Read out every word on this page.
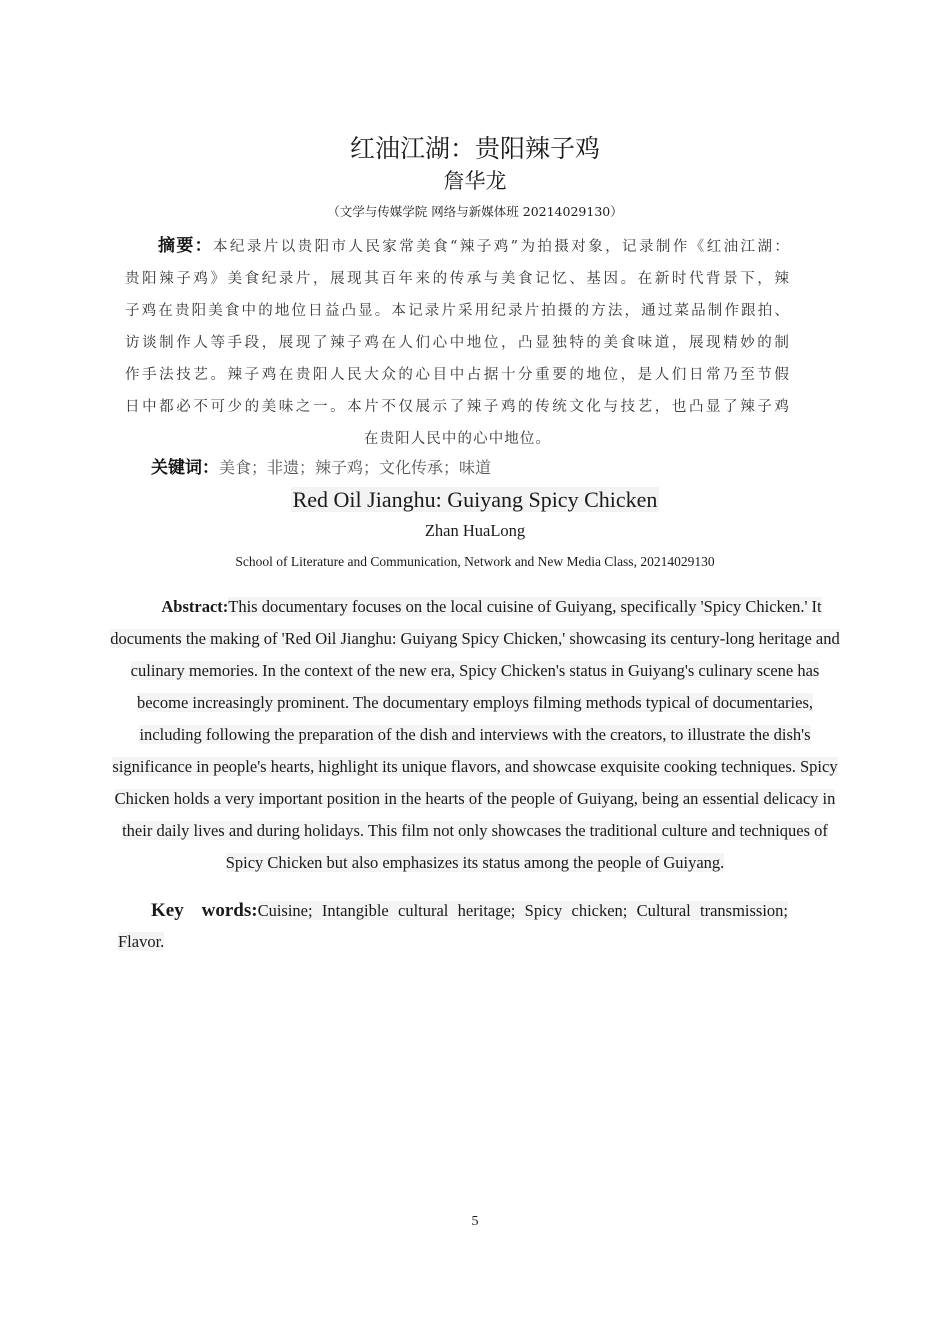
红油江湖：贵阳辣子鸡
詹华龙
（文学与传媒学院 网络与新媒体班 20214029130）
摘要：本纪录片以贵阳市人民家常美食“辣子鸡”为拍摄对象，记录制作《红油江湖：
贵阳辣子鸡》美食纪录片，展现其百年来的传承与美食记忆、基因。在新时代背景下，辣
子鸡在贵阳美食中的地位日益凸显。本记录片采用纪录片拍摄的方法，通过菜品制作跟拍、
访谈制作人等手段，展现了辣子鸡在人们心中地位，凸显独特的美食味道，展现精妙的制
作手法技艺。辣子鸡在贵阳人民大众的心目中占据十分重要的地位，是人们日常乃至节假
日中都必不可少的美味之一。本片不仅展示了辣子鸡的传统文化与技艺，也凸显了辣子鸡
在贵阳人民中的心中地位。
关键词：美食；非遗；辣子鸡；文化传承；味道
Red Oil Jianghu: Guiyang Spicy Chicken
Zhan HuaLong
School of Literature and Communication, Network and New Media Class, 20214029130
Abstract:This documentary focuses on the local cuisine of Guiyang, specifically 'Spicy Chicken.' It documents the making of 'Red Oil Jianghu: Guiyang Spicy Chicken,' showcasing its century-long heritage and culinary memories. In the context of the new era, Spicy Chicken's status in Guiyang's culinary scene has become increasingly prominent. The documentary employs filming methods typical of documentaries, including following the preparation of the dish and interviews with the creators, to illustrate the dish's significance in people's hearts, highlight its unique flavors, and showcase exquisite cooking techniques. Spicy Chicken holds a very important position in the hearts of the people of Guiyang, being an essential delicacy in their daily lives and during holidays. This film not only showcases the traditional culture and techniques of Spicy Chicken but also emphasizes its status among the people of Guiyang.
Key words:Cuisine; Intangible cultural heritage; Spicy chicken; Cultural transmission;
Flavor.
5
